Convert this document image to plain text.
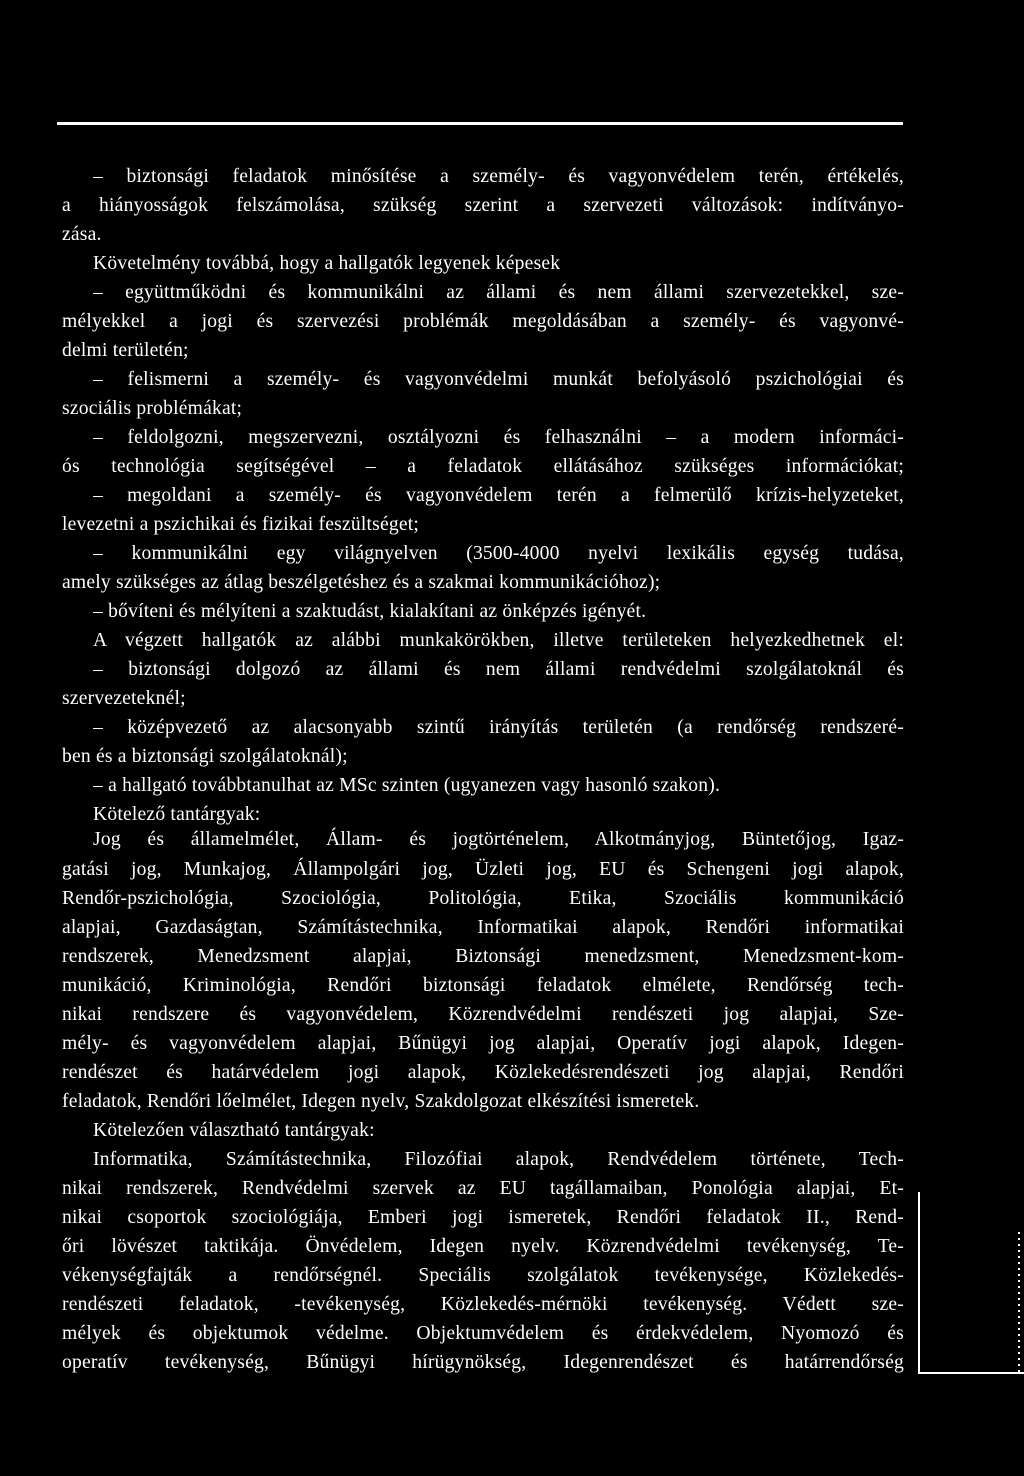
– biztonsági feladatok minősítése a személy- és vagyonvédelem terén, értékelés,
a hiányosságok felszámolása, szükség szerint a szervezeti változások: indítványo-
zása.
Követelmény továbbá, hogy a hallgatók legyenek képesek
– együttműködni és kommunikálni az állami és nem állami szervezetekkel, sze-
mélyekkel a jogi és szervezési problémák megoldásában a személy- és vagyonvé-
delmi területén;
– felismerni a személy- és vagyonvédelmi munkát befolyásoló pszichológiai és
szociális problémákat;
– feldolgozni, megszervezni, osztályozni és felhasználni – a modern informáci-
ós technológia segítségével – a feladatok ellátásához szükséges információkat;
– megoldani a személy- és vagyonvédelem terén a felmerülő krízis-helyzeteket,
levezetni a pszichikai és fizikai feszültséget;
– kommunikálni egy világnyelven (3500-4000 nyelvi lexikális egység tudása,
amely szükséges az átlag beszélgetéshez és a szakmai kommunikációhoz);
– bővíteni és mélyíteni a szaktudást, kialakítani az önképzés igényét.
A végzett hallgatók az alábbi munkakörökben, illetve területeken helyezkedhetnek el:
– biztonsági dolgozó az állami és nem állami rendvédelmi szolgálatoknál és
szervezeteknél;
– középvezető az alacsonyabb szintű irányítás területén (a rendőrség rendszeré-
ben és a biztonsági szolgálatoknál);
– a hallgató továbbtanulhat az MSc szinten (ugyanezen vagy hasonló szakon).
Kötelező tantárgyak:
Jog és államelmélet, Állam- és jogtörténelem, Alkotmányjog, Büntetőjog, Igaz-
gatási jog, Munkajog, Állampolgári jog, Üzleti jog, EU és Schengeni jogi alapok,
Rendőr-pszichológia, Szociológia, Politológia, Etika, Szociális kommunikáció
alapjai, Gazdaságtan, Számítástechnika, Informatikai alapok, Rendőri informatikai
rendszerek, Menedzsment alapjai, Biztonsági menedzsment, Menedzsment-kom-
munikáció, Kriminológia, Rendőri biztonsági feladatok elmélete, Rendőrség tech-
nikai rendszere és vagyonvédelem, Közrendvédelmi rendészeti jog alapjai, Sze-
mély- és vagyonvédelem alapjai, Bűnügyi jog alapjai, Operatív jogi alapok, Idegen-
rendészet és határvédelem jogi alapok, Közlekedésrendészeti jog alapjai, Rendőri
feladatok, Rendőri lőelmélet, Idegen nyelv, Szakdolgozat elkészítési ismeretek.
Kötelezően választható tantárgyak:
Informatika, Számítástechnika, Filozófiai alapok, Rendvédelem története, Tech-
nikai rendszerek, Rendvédelmi szervek az EU tagállamaiban, Ponológia alapjai, Et-
nikai csoportok szociológiája, Emberi jogi ismeretek, Rendőri feladatok II., Rend-
őri lövészet taktikája. Önvédelem, Idegen nyelv. Közrendvédelmi tevékenység, Te-
vékenységfajták a rendőrségnél. Speciális szolgálatok tevékenysége, Közlekedés-
rendészeti feladatok, -tevékenység, Közlekedés-mérnöki tevékenység. Védett sze-
mélyek és objektumok védelme. Objektumvédelem és érdekvédelem, Nyomozó és
operatív tevékenység, Bűnügyi hírügynökség, Idegenrendészet és határrendőrség
